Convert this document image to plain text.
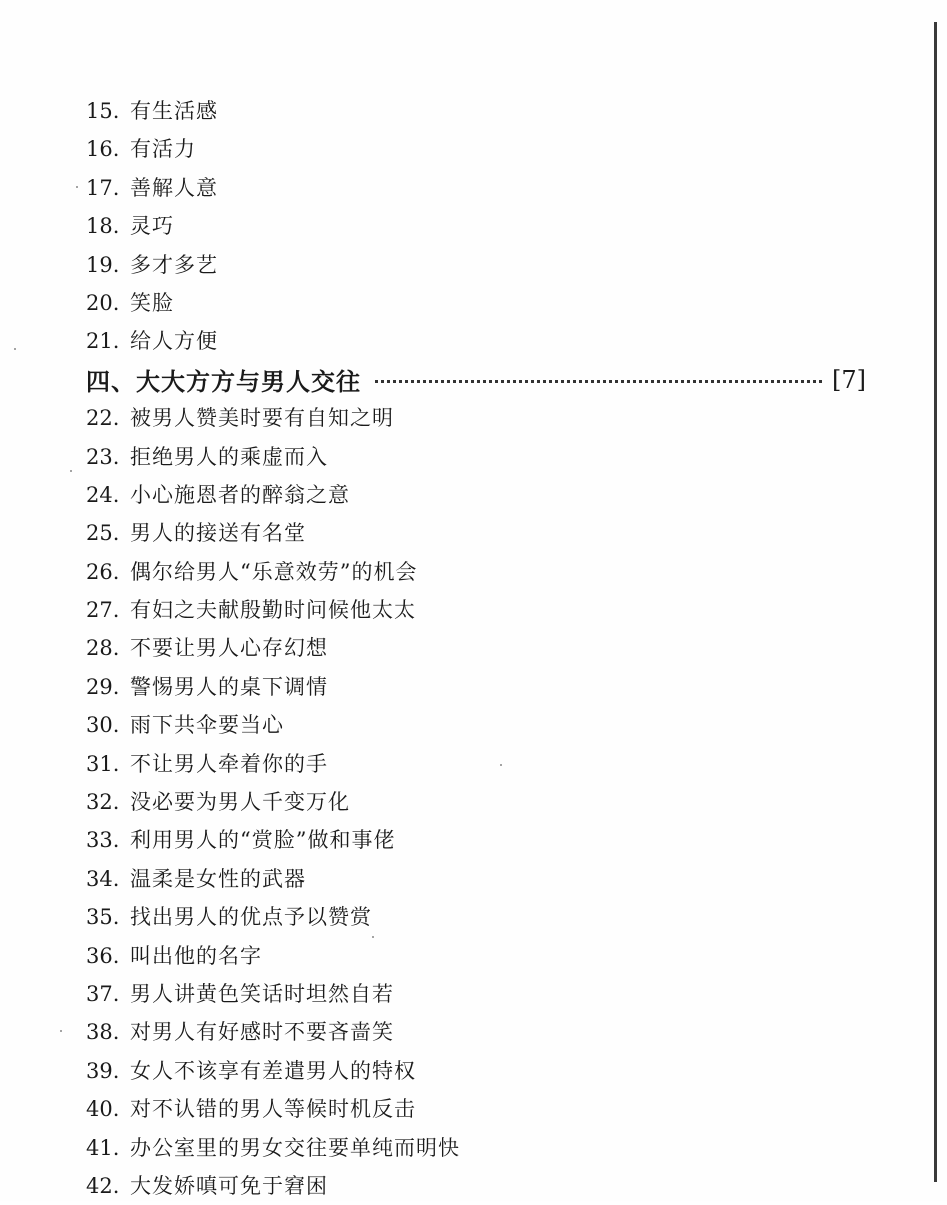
15. 有生活感
16. 有活力
17. 善解人意
18. 灵巧
19. 多才多艺
20. 笑脸
21. 给人方便
四、大大方方与男人交往	[7]
22. 被男人赞美时要有自知之明
23. 拒绝男人的乘虚而入
24. 小心施恩者的醉翁之意
25. 男人的接送有名堂
26. 偶尔给男人“乐意效劳”的机会
27. 有妇之夫献殷勤时问候他太太
28. 不要让男人心存幻想
29. 警惕男人的桌下调情
30. 雨下共伞要当心
31. 不让男人牵着你的手
32. 没必要为男人千变万化
33. 利用男人的“赏脸”做和事佬
34. 温柔是女性的武器
35. 找出男人的优点予以赞赏
36. 叫出他的名字
37. 男人讲黄色笑话时坦然自若
38. 对男人有好感时不要吝啬笑
39. 女人不该享有差遣男人的特权
40. 对不认错的男人等候时机反击
41. 办公室里的男女交往要单纯而明快
42. 大发娇嗔可免于窘困
